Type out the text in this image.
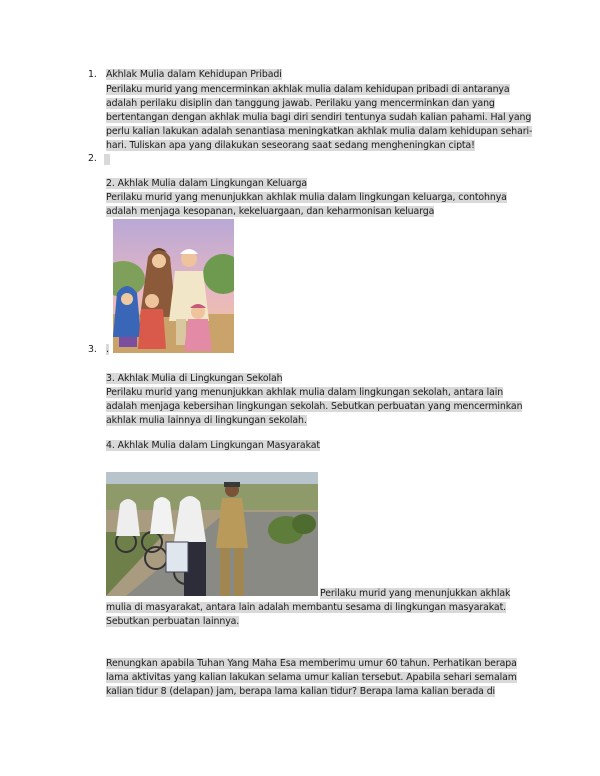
1. Akhlak Mulia dalam Kehidupan Pribadi
Perilaku murid yang mencerminkan akhlak mulia dalam kehidupan pribadi di antaranya
adalah perilaku disiplin dan tanggung jawab. Perilaku yang mencerminkan dan yang
bertentangan dengan akhlak mulia bagi diri sendiri tentunya sudah kalian pahami. Hal yang
perlu kalian lakukan adalah senantiasa meningkatkan akhlak mulia dalam kehidupan sehari-
hari. Tuliskan apa yang dilakukan seseorang saat sedang mengheningkan cipta!
2.
2. Akhlak Mulia dalam Lingkungan Keluarga
Perilaku murid yang menunjukkan akhlak mulia dalam lingkungan keluarga, contohnya
adalah menjaga kesopanan, kekeluargaan, dan keharmonisan keluarga
3. .
3. Akhlak Mulia di Lingkungan Sekolah
Perilaku murid yang menunjukkan akhlak mulia dalam lingkungan sekolah, antara lain
adalah menjaga kebersihan lingkungan sekolah. Sebutkan perbuatan yang mencerminkan
akhlak mulia lainnya di lingkungan sekolah.
4. Akhlak Mulia dalam Lingkungan Masyarakat
Perilaku murid yang menunjukkan akhlak
mulia di masyarakat, antara lain adalah membantu sesama di lingkungan masyarakat.
Sebutkan perbuatan lainnya.
Renungkan apabila Tuhan Yang Maha Esa memberimu umur 60 tahun. Perhatikan berapa
lama aktivitas yang kalian lakukan selama umur kalian tersebut. Apabila sehari semalam
kalian tidur 8 (delapan) jam, berapa lama kalian tidur? Berapa lama kalian berada di
